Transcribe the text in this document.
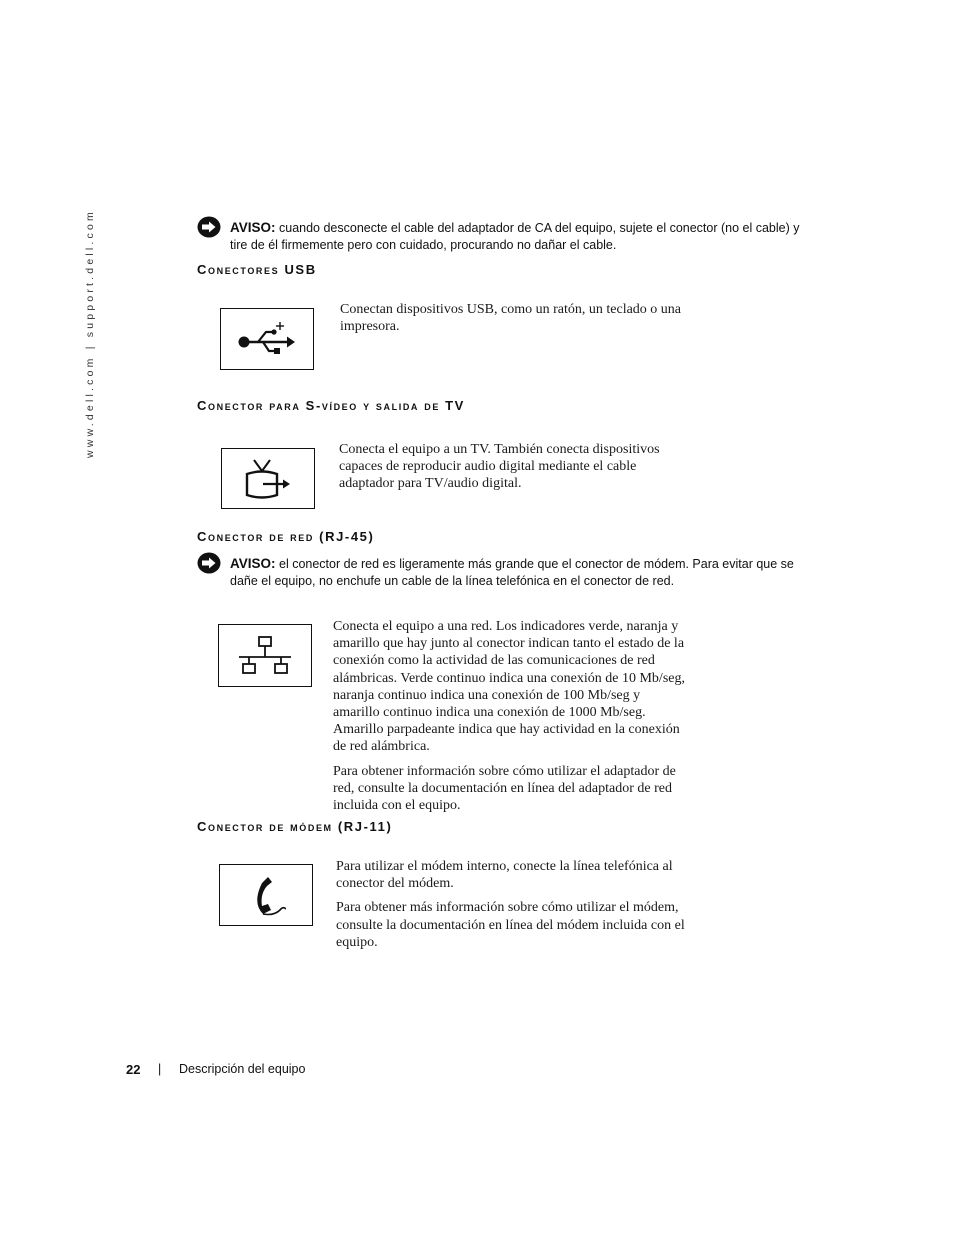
www.dell.com | support.dell.com	AVISO: cuando desconecte el cable del adaptador de CA del equipo, sujete el conector (no el cable) y tire de él firmemente pero con cuidado, procurando no dañar el cable.
Conectores USB

Conectan dispositivos USB, como un ratón, un teclado o una impresora.

Conector para S-vídeo y salida de TV

Conecta el equipo a un TV. También conecta dispositivos capaces de reproducir audio digital mediante el cable adaptador para TV/audio digital.

Conector de red (RJ-45)
AVISO: el conector de red es ligeramente más grande que el conector de módem. Para evitar que se dañe el equipo, no enchufe un cable de la línea telefónica en el conector de red.

Conecta el equipo a una red. Los indicadores verde, naranja y amarillo que hay junto al conector indican tanto el estado de la conexión como la actividad de las comunicaciones de red alámbricas. Verde continuo indica una conexión de 10 Mb/seg, naranja continuo indica una conexión de 100 Mb/seg y amarillo continuo indica una conexión de 1000 Mb/seg. Amarillo parpadeante indica que hay actividad en la conexión de red alámbrica.

Para obtener información sobre cómo utilizar el adaptador de red, consulte la documentación en línea del adaptador de red incluida con el equipo.

Conector de módem (RJ-11)

Para utilizar el módem interno, conecte la línea telefónica al conector del módem.

Para obtener más información sobre cómo utilizar el módem, consulte la documentación en línea del módem incluida con el equipo.

22 | Descripción del equipo
